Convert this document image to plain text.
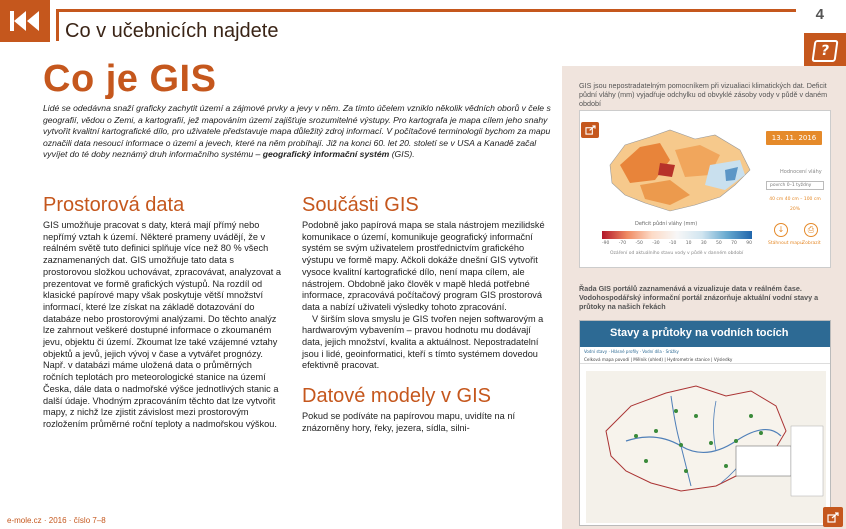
Co v učebnicích najdete
4
?
Co je GIS

Lidé se odedávna snaží graficky zachytit území a zájmové prvky a jevy v něm. Za tímto účelem vzniklo několik vědních oborů v čele s geografií, vědou o Zemi, a kartografií, jež mapováním území zajišťuje srozumitelné výstupy. Pro kartografa je mapa cílem jeho snahy vytvořit kvalitní kartografické dílo, pro uživatele představuje mapa důležitý zdroj informací. V počítačové terminologii bychom za mapu označili data nesoucí informace o území a jevech, které na něm probíhají. Již na konci 60. let 20. století se v USA a Kanadě začal vyvíjet do té doby neznámý druh informačního systému – geografický informační systém (GIS).

Prostorová data

GIS umožňuje pracovat s daty, která mají přímý nebo nepřímý vztah k území. Některé prameny uvádějí, že v reálném světě tuto definici splňuje více než 80 % všech zaznamenaných dat. GIS umožňuje tato data s prostorovou složkou uchovávat, zpracovávat, analyzovat a prezentovat ve formě grafických výstupů. Na rozdíl od klasické papírové mapy však poskytuje větší množství informací, které lze získat na základě dotazování do databáze nebo prostorovými analýzami. Do těchto analýz lze zahrnout veškeré dostupné informace o zkoumaném jevu, objektu či území. Zkoumat lze také vzájemné vztahy objektů a jevů, jejich vývoj v čase a vytvářet prognózy. Např. v databázi máme uložená data o průměrných ročních teplotách pro meteorologické stanice na území Česka, dále data o nadmořské výšce jednotlivých stanic a další údaje. Vhodným zpracováním těchto dat lze vytvořit mapy, z nichž lze zjistit závislost mezi prostorovým rozložením průměrné roční teploty a nadmořskou výškou.

Součásti GIS

Podobně jako papírová mapa se stala nástrojem mezilidské komunikace o území, komunikuje geografický informační systém se svým uživatelem prostřednictvím grafického výstupu ve formě mapy. Ačkoli dokáže dnešní GIS vytvořit vysoce kvalitní kartografické dílo, není mapa cílem, ale nástrojem. Obdobně jako člověk v mapě hledá potřebné informace, zpracovává počítačový program GIS prostorová data a nabízí uživateli výsledky tohoto zpracování.

V širším slova smyslu je GIS tvořen nejen softwarovým a hardwarovým vybavením – pravou hodnotu mu dodávají data, jejich množství, kvalita a aktuálnost. Nepostradatelní jsou i lidé, geoinformatici, kteří s tímto systémem dovedou efektivně pracovat.

Datové modely v GIS

Pokud se podíváte na papírovou mapu, uvidíte na ní znázorněny hory, řeky, jezera, sídla, silni-

GIS jsou nepostradatelným pomocníkem při vizualiaci klimatických dat. Deficit půdní vláhy (mm) vyjadřuje odchylku od obvyklé zásoby vody v půdě v daném období

Deficit půdní vláhy (mm)
-90 -70 -50 -30 -10 10 30 50 70 90
Ozáření od aktuálního stavu vody v půdě v danném období
13. 11. 2016
Hodnocení vláhy
povrch 0–1 tyždny
40 cm 40 cm – 100 cm
20%
↓	⎙
Stáhnout mapu Zobrazit

Řada GIS portálů zaznamenává a vizualizuje data v reálném čase. Vodohospodářský informační portál znázorňuje aktuální vodní stavy a průtoky na našich řekách

Stavy a průtoky na vodních tocích
Vodní stavy · Hlásné profily · Vodní díla · Srážky
Celková mapa povodí | Mělnik (ohled) | Hydrometrie stanice | Výsledky
e-mole.cz · 2016 · číslo 7–8
